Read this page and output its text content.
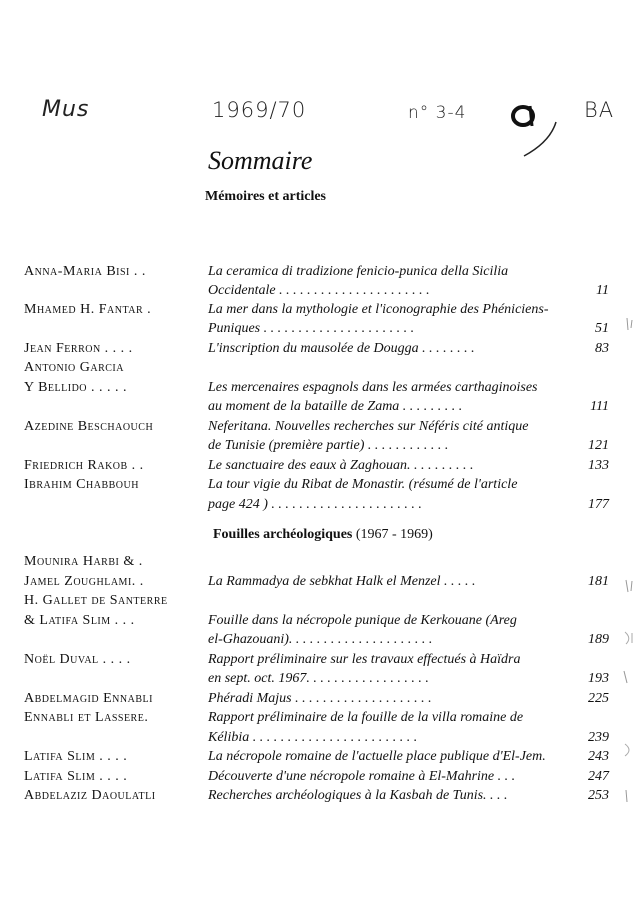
Mus	1969/70	n° 3-4	BA
Sommaire
Mémoires et articles
Fouilles archéologiques (1967 - 1969)
Anna-Maria Bisi . .	La ceramica di tradizione fenicio-punica della Sicilia
Occidentale . . . . . . . . . . . . . . . . . . . . . .	11
Mhamed H. Fantar .	La mer dans la mythologie et l'iconographie des Phéniciens-
Puniques . . . . . . . . . . . . . . . . . . . . . .	51
Jean Ferron . . . .	L'inscription du mausolée de Dougga . . . . . . . .	83
Antonio Garcia
Y Bellido . . . . .	Les mercenaires espagnols dans les armées carthaginoises
au moment de la bataille de Zama . . . . . . . . .	111
Azedine Beschaouch	Neferitana. Nouvelles recherches sur Néféris cité antique
de Tunisie (première partie) . . . . . . . . . . . .	121
Friedrich Rakob . .	Le sanctuaire des eaux à Zaghouan. . . . . . . . . .	133
Ibrahim Chabbouh	La tour vigie du Ribat de Monastir. (résumé de l'article
page 424 ) . . . . . . . . . . . . . . . . . . . . . .	177
Mounira Harbi & .
Jamel Zoughlami. .	La Rammadya de sebkhat Halk el Menzel . . . . .	181
H. Gallet de Santerre
& Latifa Slim . . .	Fouille dans la nécropole punique de Kerkouane (Areg
el-Ghazouani). . . . . . . . . . . . . . . . . . . . .	189
Noël Duval . . . .	Rapport préliminaire sur les travaux effectués à Haïdra
en sept. oct. 1967. . . . . . . . . . . . . . . . . .	193
Abdelmagid Ennabli	Phéradi Majus . . . . . . . . . . . . . . . . . . . .	225
Ennabli et Lassere.	Rapport préliminaire de la fouille de la villa romaine de
Kélibia . . . . . . . . . . . . . . . . . . . . . . . .	239
Latifa Slim . . . .	La nécropole romaine de l'actuelle place publique d'El-Jem.	243
Latifa Slim . . . .	Découverte d'une nécropole romaine à El-Mahrine . . .	247
Abdelaziz Daoulatli	Recherches archéologiques à la Kasbah de Tunis. . . .	253
